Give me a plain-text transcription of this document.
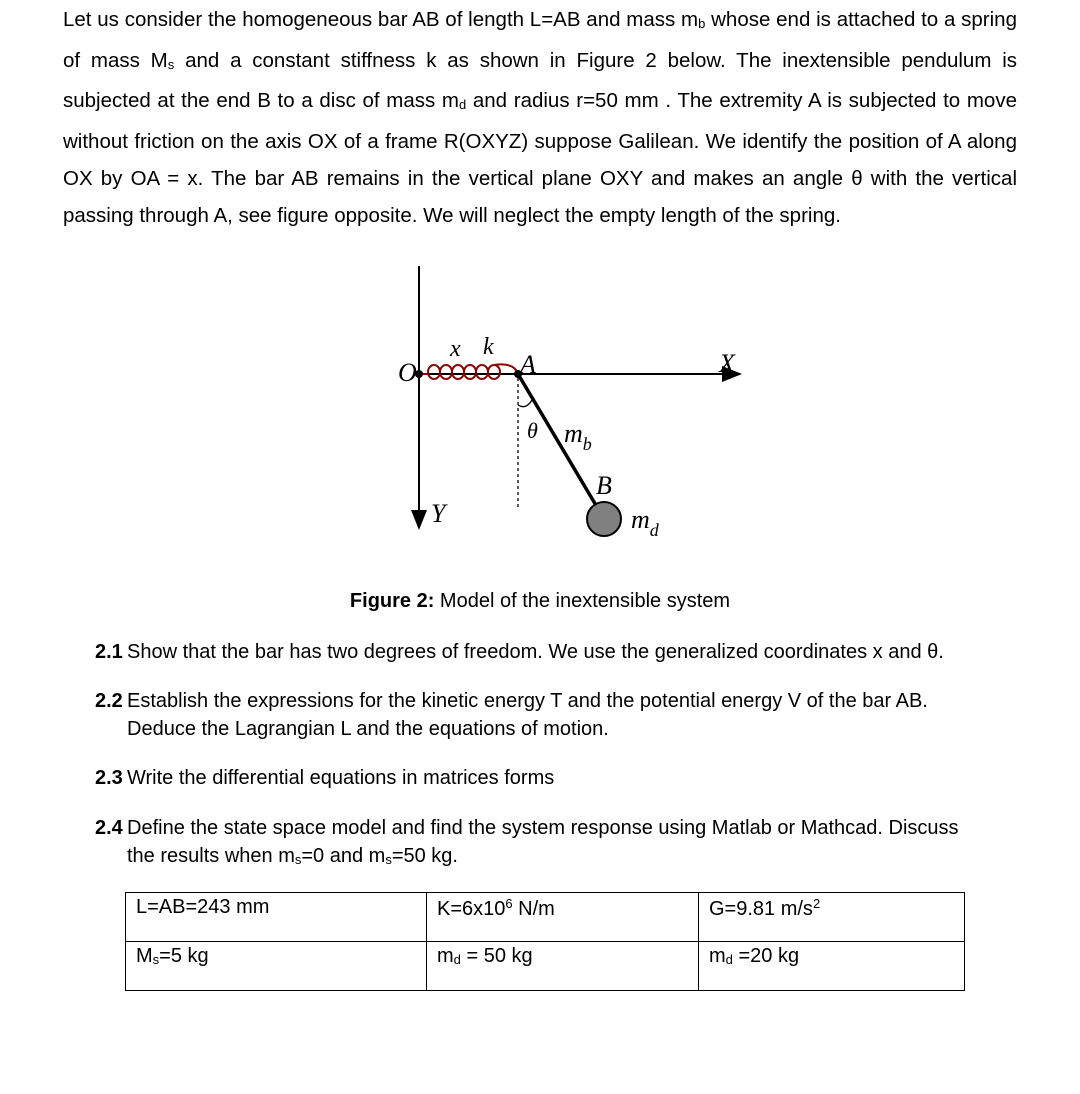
Let us consider the homogeneous bar AB of length L=AB and mass $m_b$ whose end is attached to a spring of mass $M_s$ and a constant stiffness k as shown in Figure 2 below. The inextensible pendulum is subjected at the end B to a disc of mass $m_d$ and radius r=50 mm . The extremity A is subjected to move without friction on the axis OX of a frame R(OXYZ) suppose Galilean. We identify the position of A along OX by OA = x. The bar AB remains in the vertical plane OXY and makes an angle θ with the vertical passing through A, see figure opposite. We will neglect the empty length of the spring.

O
x k
A	X
Y
θ $m_b$
B
$m_d$
Figure 2: Model of the inextensible system
2.1 Show that the bar has two degrees of freedom. We use the generalized coordinates x and θ.
2.2 Establish the expressions for the kinetic energy T and the potential energy V of the bar AB.
Deduce the Lagrangian L and the equations of motion.
2.3 Write the differential equations in matrices forms
2.4 Define the state space model and find the system response using Matlab or Mathcad. Discuss
the results when $m_s=0$ and $m_s=50$ kg.
L=AB=243 mm	$K=6x10^6$ N/m	G=9.81 $m/s^2$
$M_s=5$ kg	$m_d = 50$ kg	$m_d =20$ kg
